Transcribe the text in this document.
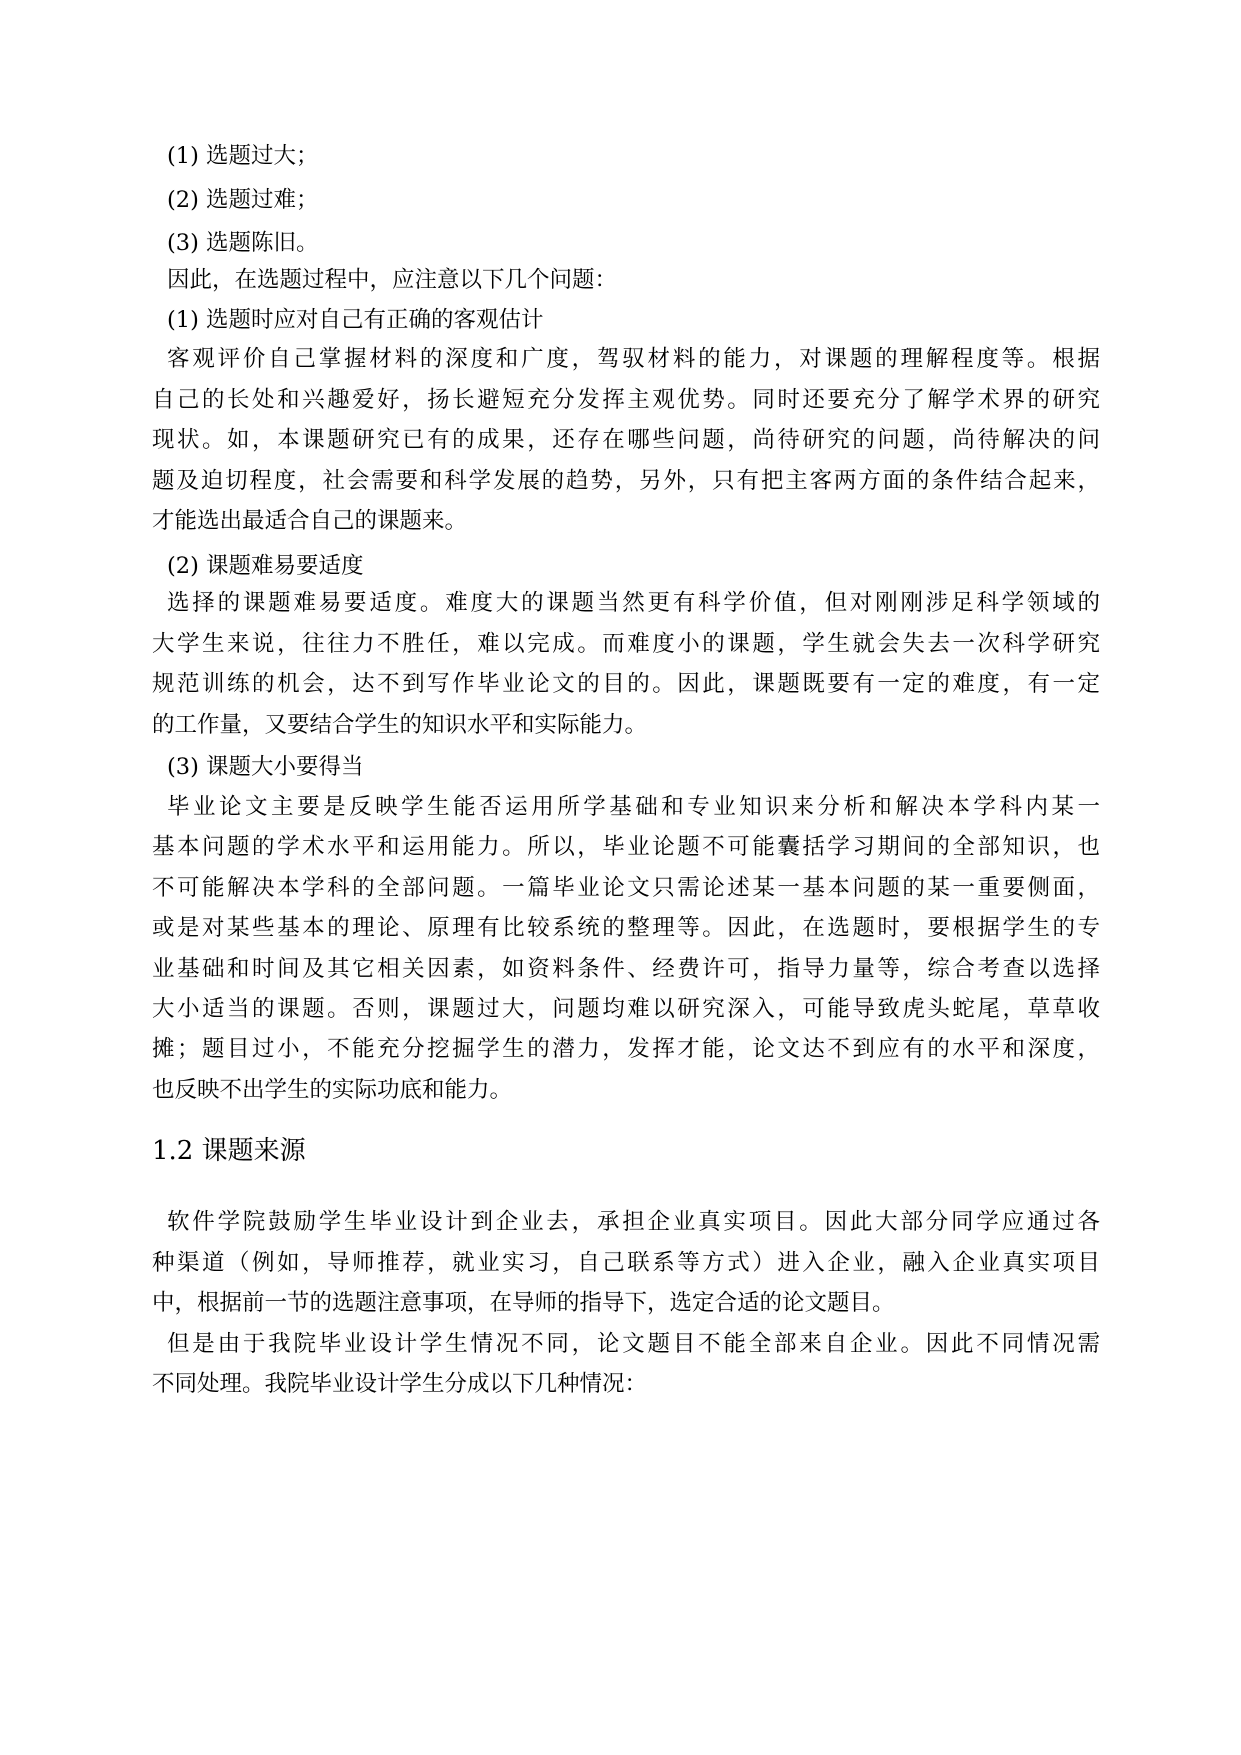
(1) 选题过大；
(2) 选题过难；
(3) 选题陈旧。
因此，在选题过程中，应注意以下几个问题：
(1) 选题时应对自己有正确的客观估计
客观评价自己掌握材料的深度和广度，驾驭材料的能力，对课题的理解程度等。根据
自己的长处和兴趣爱好，扬长避短充分发挥主观优势。同时还要充分了解学术界的研究
现状。如，本课题研究已有的成果，还存在哪些问题，尚待研究的问题，尚待解决的问
题及迫切程度，社会需要和科学发展的趋势，另外，只有把主客两方面的条件结合起来，
才能选出最适合自己的课题来。
(2) 课题难易要适度
选择的课题难易要适度。难度大的课题当然更有科学价值，但对刚刚涉足科学领域的
大学生来说，往往力不胜任，难以完成。而难度小的课题，学生就会失去一次科学研究
规范训练的机会，达不到写作毕业论文的目的。因此，课题既要有一定的难度，有一定
的工作量，又要结合学生的知识水平和实际能力。
(3) 课题大小要得当
毕业论文主要是反映学生能否运用所学基础和专业知识来分析和解决本学科内某一
基本问题的学术水平和运用能力。所以，毕业论题不可能囊括学习期间的全部知识，也
不可能解决本学科的全部问题。一篇毕业论文只需论述某一基本问题的某一重要侧面，
或是对某些基本的理论、原理有比较系统的整理等。因此，在选题时，要根据学生的专
业基础和时间及其它相关因素，如资料条件、经费许可，指导力量等，综合考查以选择
大小适当的课题。否则，课题过大，问题均难以研究深入，可能导致虎头蛇尾，草草收
摊；题目过小，不能充分挖掘学生的潜力，发挥才能，论文达不到应有的水平和深度，
也反映不出学生的实际功底和能力。
1.2 课题来源
软件学院鼓励学生毕业设计到企业去，承担企业真实项目。因此大部分同学应通过各
种渠道（例如，导师推荐，就业实习，自己联系等方式）进入企业，融入企业真实项目
中，根据前一节的选题注意事项，在导师的指导下，选定合适的论文题目。
但是由于我院毕业设计学生情况不同，论文题目不能全部来自企业。因此不同情况需
不同处理。我院毕业设计学生分成以下几种情况：
